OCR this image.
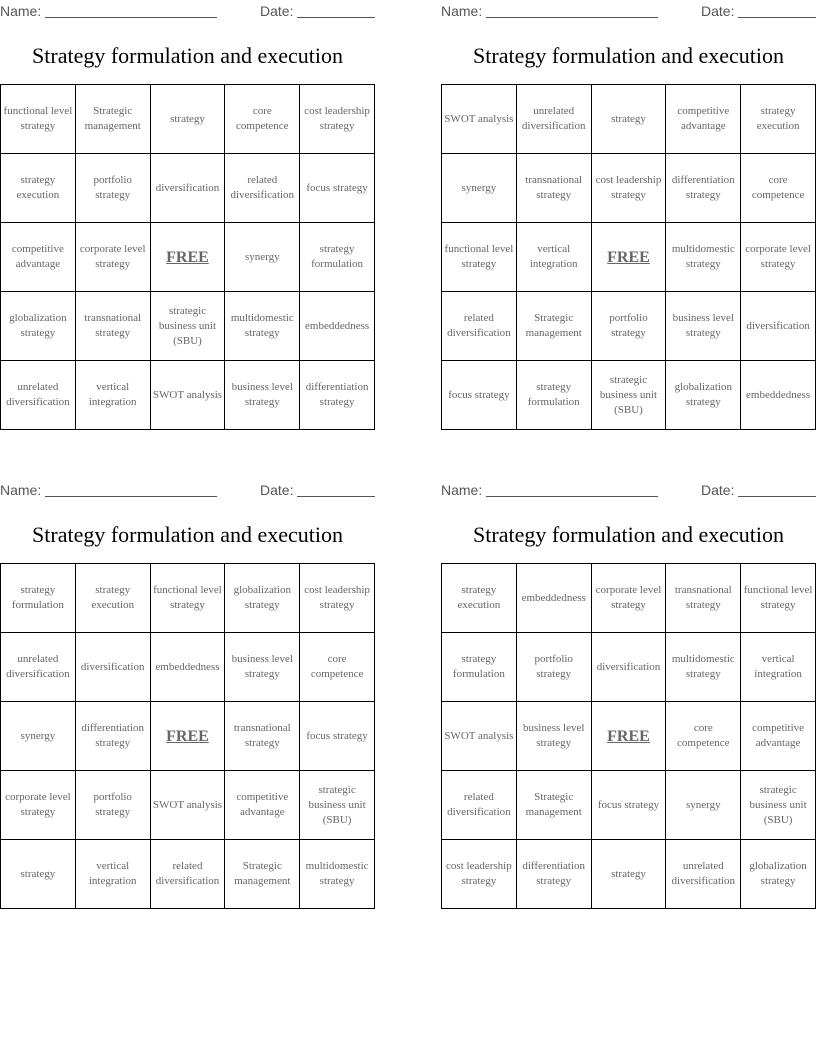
Name:	Date:
Strategy formulation and execution
functional level strategy	Strategic management	strategy	core competence	cost leadership strategy
strategy execution	portfolio strategy	diversification	related diversification	focus strategy
competitive advantage	corporate level strategy	FREE	synergy	strategy formulation
globalization strategy	transnational strategy	strategic business unit (SBU)	multidomestic strategy	embeddedness
unrelated diversification	vertical integration	SWOT analysis	business level strategy	differentiation strategy
Name:	Date:
Strategy formulation and execution
SWOT analysis	unrelated diversification	strategy	competitive advantage	strategy execution
synergy	transnational strategy	cost leadership strategy	differentiation strategy	core competence
functional level strategy	vertical integration	FREE	multidomestic strategy	corporate level strategy
related diversification	Strategic management	portfolio strategy	business level strategy	diversification
focus strategy	strategy formulation	strategic business unit (SBU)	globalization strategy	embeddedness
Name:	Date:
Strategy formulation and execution
strategy formulation	strategy execution	functional level strategy	globalization strategy	cost leadership strategy
unrelated diversification	diversification	embeddedness	business level strategy	core competence
synergy	differentiation strategy	FREE	transnational strategy	focus strategy
corporate level strategy	portfolio strategy	SWOT analysis	competitive advantage	strategic business unit (SBU)
strategy	vertical integration	related diversification	Strategic management	multidomestic strategy
Name:	Date:
Strategy formulation and execution
strategy execution	embeddedness	corporate level strategy	transnational strategy	functional level strategy
strategy formulation	portfolio strategy	diversification	multidomestic strategy	vertical integration
SWOT analysis	business level strategy	FREE	core competence	competitive advantage
related diversification	Strategic management	focus strategy	synergy	strategic business unit (SBU)
cost leadership strategy	differentiation strategy	strategy	unrelated diversification	globalization strategy
